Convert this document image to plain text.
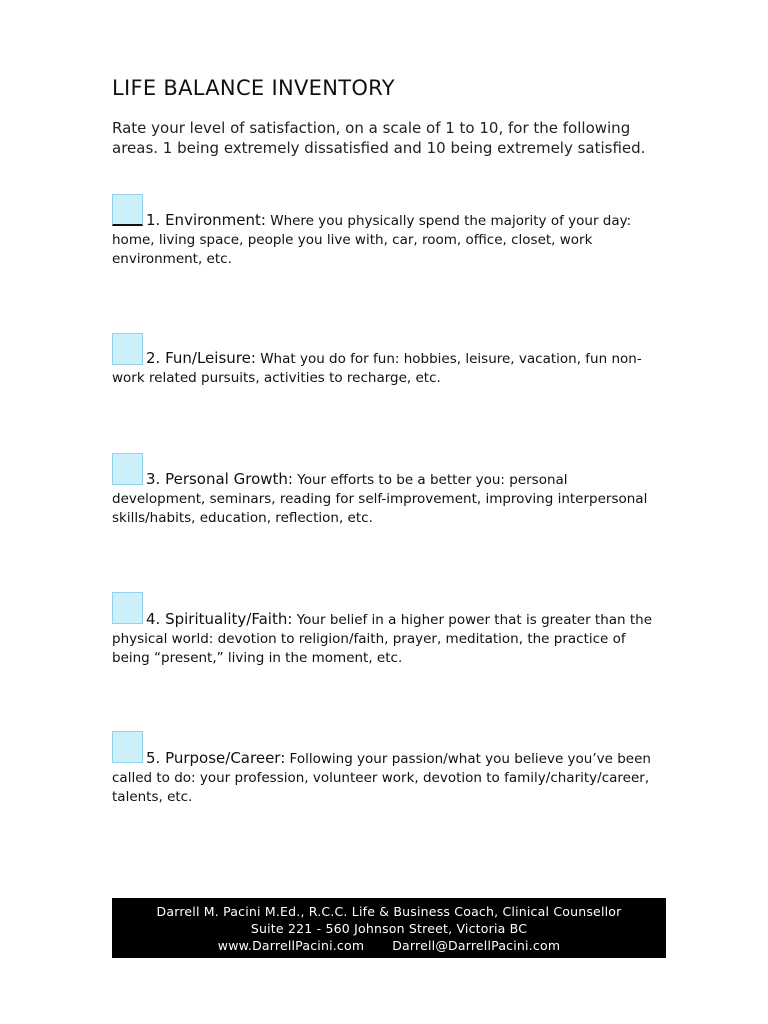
LIFE BALANCE INVENTORY
Rate your level of satisfaction, on a scale of 1 to 10, for the following areas. 1 being extremely dissatisfied and 10 being extremely satisfied.
1. Environment: Where you physically spend the majority of your day: home, living space, people you live with, car, room, office, closet, work environment, etc.
2. Fun/Leisure: What you do for fun: hobbies, leisure, vacation, fun non-work related pursuits, activities to recharge, etc.
3. Personal Growth: Your efforts to be a better you: personal development, seminars, reading for self-improvement, improving interpersonal skills/habits, education, reflection, etc.
4. Spirituality/Faith: Your belief in a higher power that is greater than the physical world: devotion to religion/faith, prayer, meditation, the practice of being “present,” living in the moment, etc.
5. Purpose/Career: Following your passion/what you believe you’ve been called to do: your profession, volunteer work, devotion to family/charity/career, talents, etc.
Darrell M. Pacini M.Ed., R.C.C. Life & Business Coach, Clinical Counsellor
Suite 221 - 560 Johnson Street, Victoria BC
www.DarrellPacini.com Darrell@DarrellPacini.com
